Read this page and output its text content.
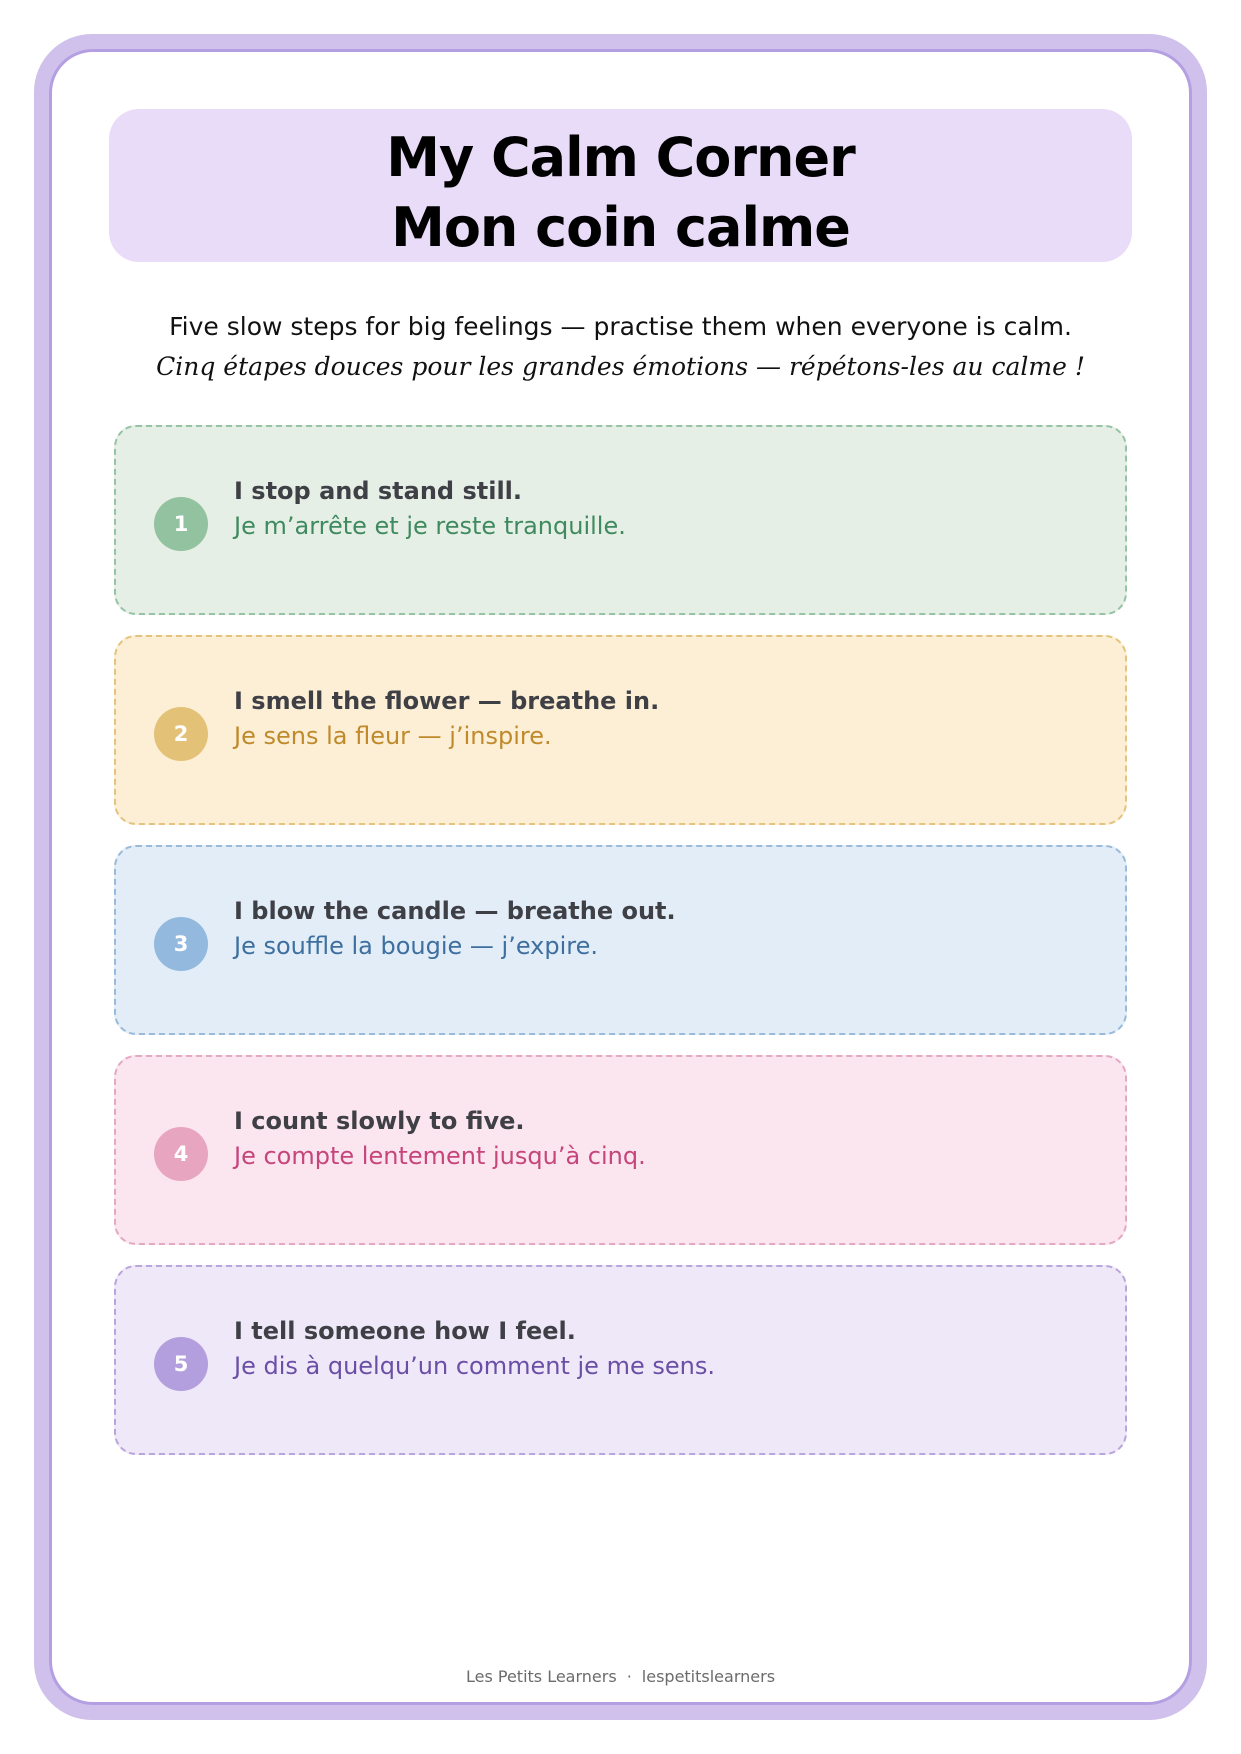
My Calm Corner
Mon coin calme
Five slow steps for big feelings — practise them when everyone is calm.
Cinq étapes douces pour les grandes émotions — répétons-les au calme !
1
I stop and stand still.
Je m’arrête et je reste tranquille.
2
I smell the flower — breathe in.
Je sens la fleur — j’inspire.
3
I blow the candle — breathe out.
Je souffle la bougie — j’expire.
4
I count slowly to five.
Je compte lentement jusqu’à cinq.
5
I tell someone how I feel.
Je dis à quelqu’un comment je me sens.
Les Petits Learners · lespetitslearners
